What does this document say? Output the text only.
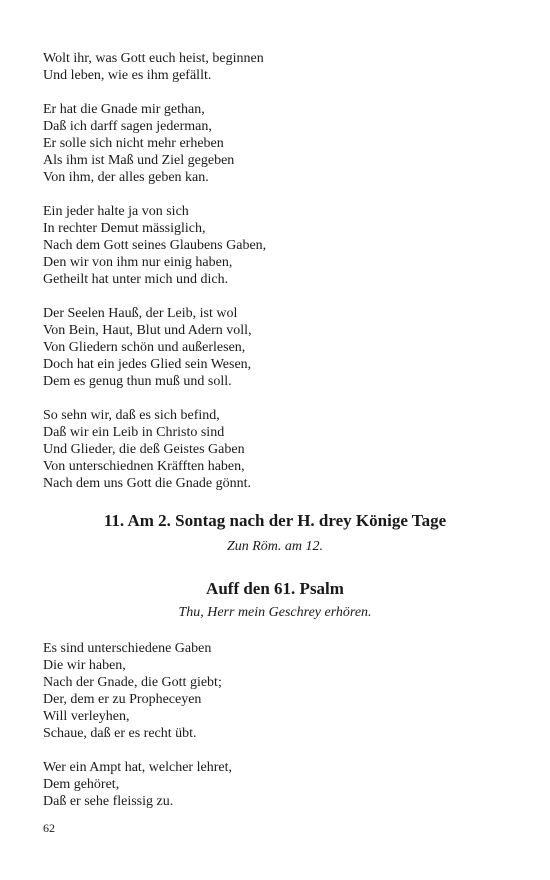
Wolt ihr, was Gott euch heist, beginnen
Und leben, wie es ihm gefällt.
Er hat die Gnade mir gethan,
Daß ich darff sagen jederman,
Er solle sich nicht mehr erheben
Als ihm ist Maß und Ziel gegeben
Von ihm, der alles geben kan.
Ein jeder halte ja von sich
In rechter Demut mässiglich,
Nach dem Gott seines Glaubens Gaben,
Den wir von ihm nur einig haben,
Getheilt hat unter mich und dich.
Der Seelen Hauß, der Leib, ist wol
Von Bein, Haut, Blut und Adern voll,
Von Gliedern schön und außerlesen,
Doch hat ein jedes Glied sein Wesen,
Dem es genug thun muß und soll.
So sehn wir, daß es sich befind,
Daß wir ein Leib in Christo sind
Und Glieder, die deß Geistes Gaben
Von unterschiednen Kräfften haben,
Nach dem uns Gott die Gnade gönnt.
11. Am 2. Sontag nach der H. drey Könige Tage
Zun Röm. am 12.
Auff den 61. Psalm
Thu, Herr mein Geschrey erhören.
Es sind unterschiedene Gaben
Die wir haben,
Nach der Gnade, die Gott giebt;
Der, dem er zu Propheceyen
Will verleyhen,
Schaue, daß er es recht übt.
Wer ein Ampt hat, welcher lehret,
Dem gehöret,
Daß er sehe fleissig zu.
62
